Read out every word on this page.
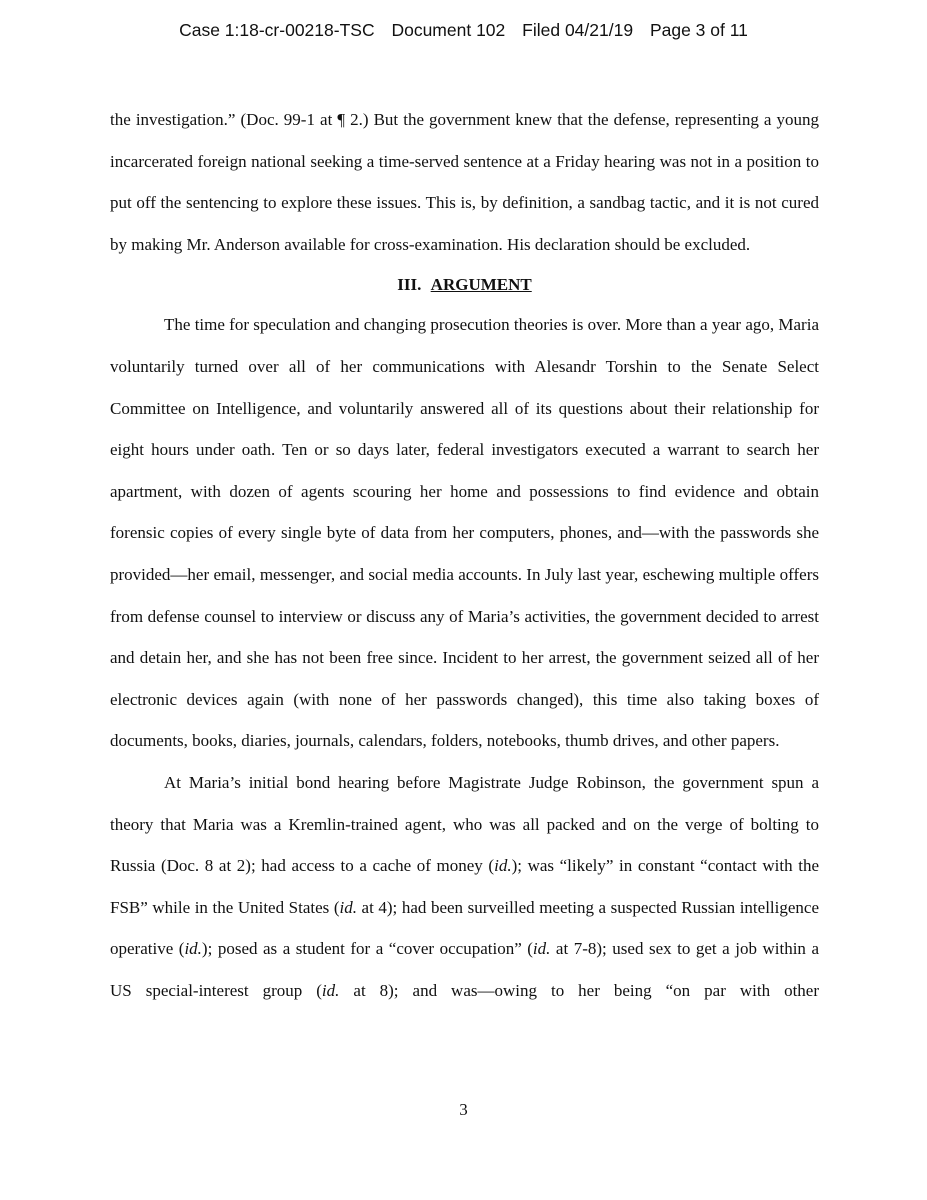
Case 1:18-cr-00218-TSC Document 102 Filed 04/21/19 Page 3 of 11

the investigation.” (Doc. 99-1 at ¶ 2.) But the government knew that the defense, representing a young incarcerated foreign national seeking a time-served sentence at a Friday hearing was not in a position to put off the sentencing to explore these issues. This is, by definition, a sandbag tactic, and it is not cured by making Mr. Anderson available for cross-examination. His declaration should be excluded.

III. ARGUMENT

The time for speculation and changing prosecution theories is over. More than a year ago, Maria voluntarily turned over all of her communications with Alesandr Torshin to the Senate Select Committee on Intelligence, and voluntarily answered all of its questions about their relationship for eight hours under oath. Ten or so days later, federal investigators executed a warrant to search her apartment, with dozen of agents scouring her home and possessions to find evidence and obtain forensic copies of every single byte of data from her computers, phones, and—with the passwords she provided—her email, messenger, and social media accounts. In July last year, eschewing multiple offers from defense counsel to interview or discuss any of Maria’s activities, the government decided to arrest and detain her, and she has not been free since. Incident to her arrest, the government seized all of her electronic devices again (with none of her passwords changed), this time also taking boxes of documents, books, diaries, journals, calendars, folders, notebooks, thumb drives, and other papers.

At Maria’s initial bond hearing before Magistrate Judge Robinson, the government spun a theory that Maria was a Kremlin-trained agent, who was all packed and on the verge of bolting to Russia (Doc. 8 at 2); had access to a cache of money (id.); was “likely” in constant “contact with the FSB” while in the United States (id. at 4); had been surveilled meeting a suspected Russian intelligence operative (id.); posed as a student for a “cover occupation” (id. at 7-8); used sex to get a job within a US special-interest group (id. at 8); and was—owing to her being “on par with other

3
